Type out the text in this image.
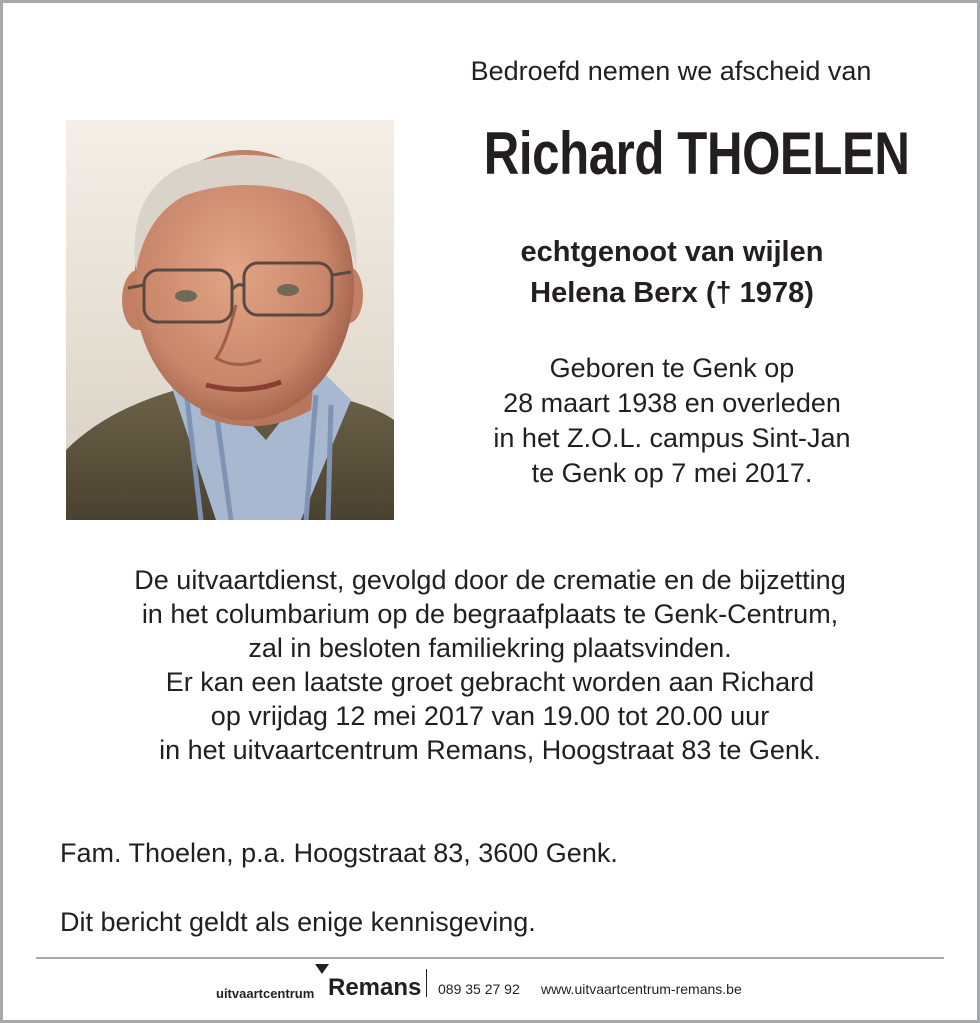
Bedroefd nemen we afscheid van
Richard THOELEN
echtgenoot van wijlen
Helena Berx († 1978)
Geboren te Genk op
28 maart 1938 en overleden
in het Z.O.L. campus Sint-Jan
te Genk op 7 mei 2017.
De uitvaartdienst, gevolgd door de crematie en de bijzetting
in het columbarium op de begraafplaats te Genk-Centrum,
zal in besloten familiekring plaatsvinden.
Er kan een laatste groet gebracht worden aan Richard
op vrijdag 12 mei 2017 van 19.00 tot 20.00 uur
in het uitvaartcentrum Remans, Hoogstraat 83 te Genk.
Fam. Thoelen, p.a. Hoogstraat 83, 3600 Genk.
Dit bericht geldt als enige kennisgeving.
uitvaartcentrum Remans 089 35 27 92 www.uitvaartcentrum-remans.be
